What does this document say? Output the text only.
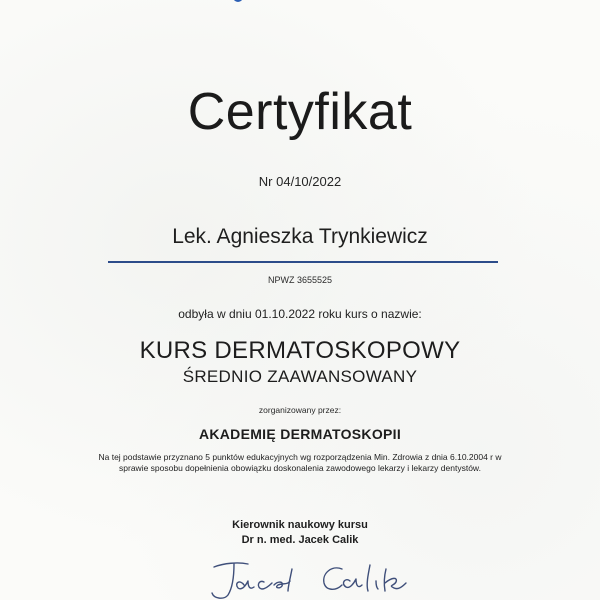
Certyfikat
Nr 04/10/2022
Lek. Agnieszka Trynkiewicz
NPWZ 3655525
odbyła w dniu 01.10.2022 roku kurs o nazwie:
KURS DERMATOSKOPOWY
ŚREDNIO ZAAWANSOWANY
zorganizowany przez:
AKADEMIĘ DERMATOSKOPII
Na tej podstawie przyznano 5 punktów edukacyjnych wg rozporządzenia Min. Zdrowia z dnia 6.10.2004 r w
sprawie sposobu dopełnienia obowiązku doskonalenia zawodowego lekarzy i lekarzy dentystów.
Kierownik naukowy kursu
Dr n. med. Jacek Calik
